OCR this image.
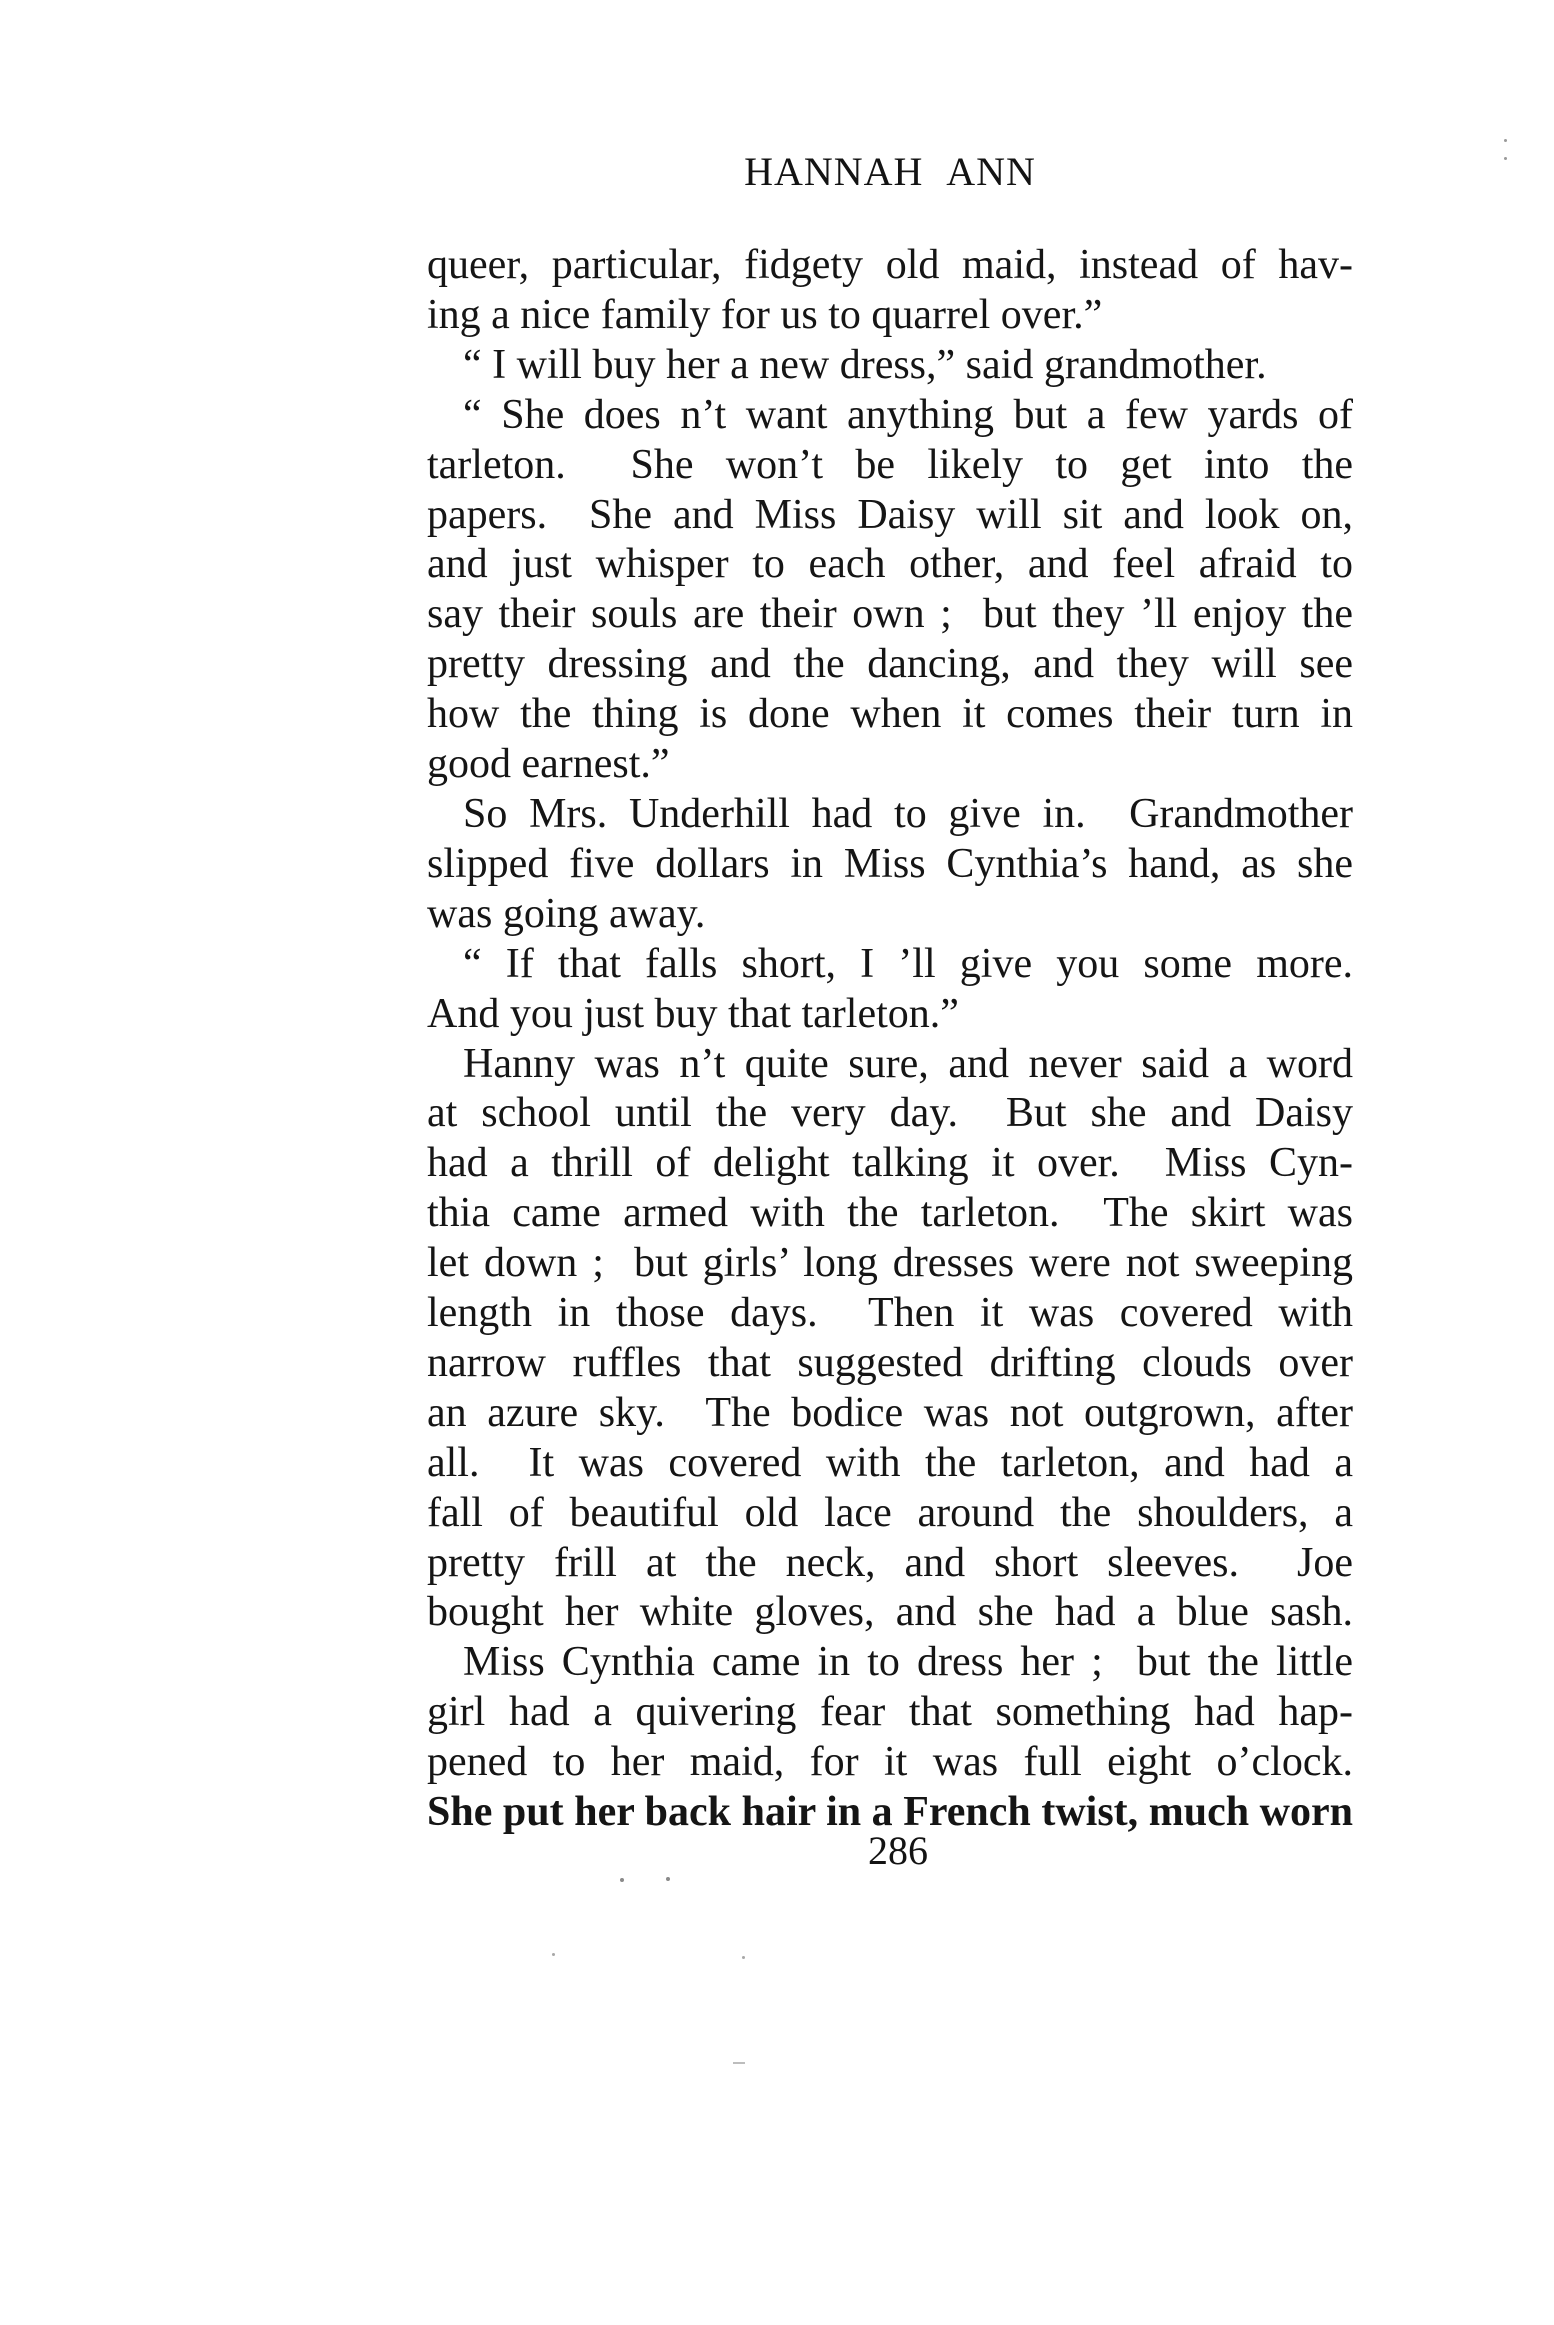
HANNAH ANN
queer, particular, fidgety old maid, instead of hav-
ing a nice family for us to quarrel over.”
“ I will buy her a new dress,” said grandmother.
“ She does n’t want anything but a few yards of
tarleton.  She won’t be likely to get into the
papers.  She and Miss Daisy will sit and look on,
and just whisper to each other, and feel afraid to
say their souls are their own ;  but they ’ll enjoy the
pretty dressing and the dancing, and they will see
how the thing is done when it comes their turn in
good earnest.”
So Mrs. Underhill had to give in.  Grandmother
slipped five dollars in Miss Cynthia’s hand, as she
was going away.
“ If that falls short, I ’ll give you some more.
And you just buy that tarleton.”
Hanny was n’t quite sure, and never said a word
at school until the very day.  But she and Daisy
had a thrill of delight talking it over.  Miss Cyn-
thia came armed with the tarleton.  The skirt was
let down ;  but girls’ long dresses were not sweeping
length in those days.  Then it was covered with
narrow ruffles that suggested drifting clouds over
an azure sky.  The bodice was not outgrown, after
all.  It was covered with the tarleton, and had a
fall of beautiful old lace around the shoulders, a
pretty frill at the neck, and short sleeves.  Joe
bought her white gloves, and she had a blue sash.
Miss Cynthia came in to dress her ;  but the little
girl had a quivering fear that something had hap-
pened to her maid, for it was full eight o’clock.
She put her back hair in a French twist, much worn
286
